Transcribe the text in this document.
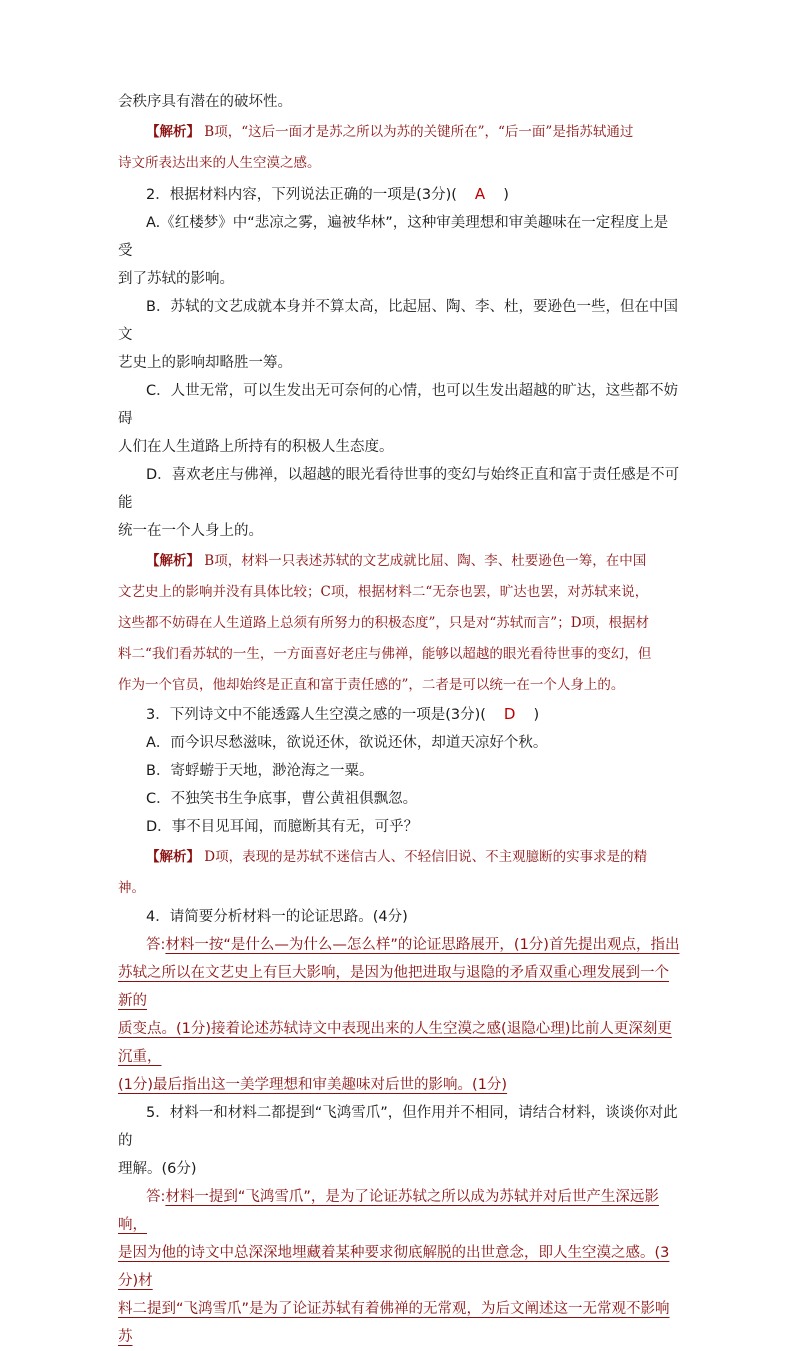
会秩序具有潜在的破坏性。

【解析】 B项，“这后一面才是苏之所以为苏的关键所在”，“后一面”是指苏轼通过

诗文所表达出来的人生空漠之感。

2．根据材料内容，下列说法正确的一项是(3分)( A )

A.《红楼梦》中“悲凉之雾，遍被华林”，这种审美理想和审美趣味在一定程度上是受

到了苏轼的影响。

B．苏轼的文艺成就本身并不算太高，比起屈、陶、李、杜，要逊色一些，但在中国文

艺史上的影响却略胜一筹。

C．人世无常，可以生发出无可奈何的心情，也可以生发出超越的旷达，这些都不妨碍

人们在人生道路上所持有的积极人生态度。

D．喜欢老庄与佛禅，以超越的眼光看待世事的变幻与始终正直和富于责任感是不可能

统一在一个人身上的。

【解析】 B项，材料一只表述苏轼的文艺成就比屈、陶、李、杜要逊色一筹，在中国

文艺史上的影响并没有具体比较；C项，根据材料二“无奈也罢，旷达也罢，对苏轼来说，

这些都不妨碍在人生道路上总须有所努力的积极态度”，只是对“苏轼而言”；D项，根据材

料二“我们看苏轼的一生，一方面喜好老庄与佛禅，能够以超越的眼光看待世事的变幻，但

作为一个官员，他却始终是正直和富于责任感的”，二者是可以统一在一个人身上的。

3．下列诗文中不能透露人生空漠之感的一项是(3分)( D )

A．而今识尽愁滋味，欲说还休，欲说还休，却道天凉好个秋。

B．寄蜉蝣于天地，渺沧海之一粟。

C．不独笑书生争底事，曹公黄祖俱飘忽。

D．事不目见耳闻，而臆断其有无，可乎？

【解析】 D项，表现的是苏轼不迷信古人、不轻信旧说、不主观臆断的实事求是的精

神。

4．请简要分析材料一的论证思路。(4分)

答:材料一按“是什么—为什么—怎么样”的论证思路展开，(1分)首先提出观点，指出

苏轼之所以在文艺史上有巨大影响，是因为他把进取与退隐的矛盾双重心理发展到一个新的

质变点。(1分)接着论述苏轼诗文中表现出来的人生空漠之感(退隐心理)比前人更深刻更沉重，

(1分)最后指出这一美学理想和审美趣味对后世的影响。(1分)

5．材料一和材料二都提到“飞鸿雪爪”，但作用并不相同，请结合材料，谈谈你对此的

理解。(6分)

答:材料一提到“飞鸿雪爪”，是为了论证苏轼之所以成为苏轼并对后世产生深远影响，

是因为他的诗文中总深深地埋藏着某种要求彻底解脱的出世意念，即人生空漠之感。(3分)材

料二提到“飞鸿雪爪”是为了论证苏轼有着佛禅的无常观，为后文阐述这一无常观不影响苏
